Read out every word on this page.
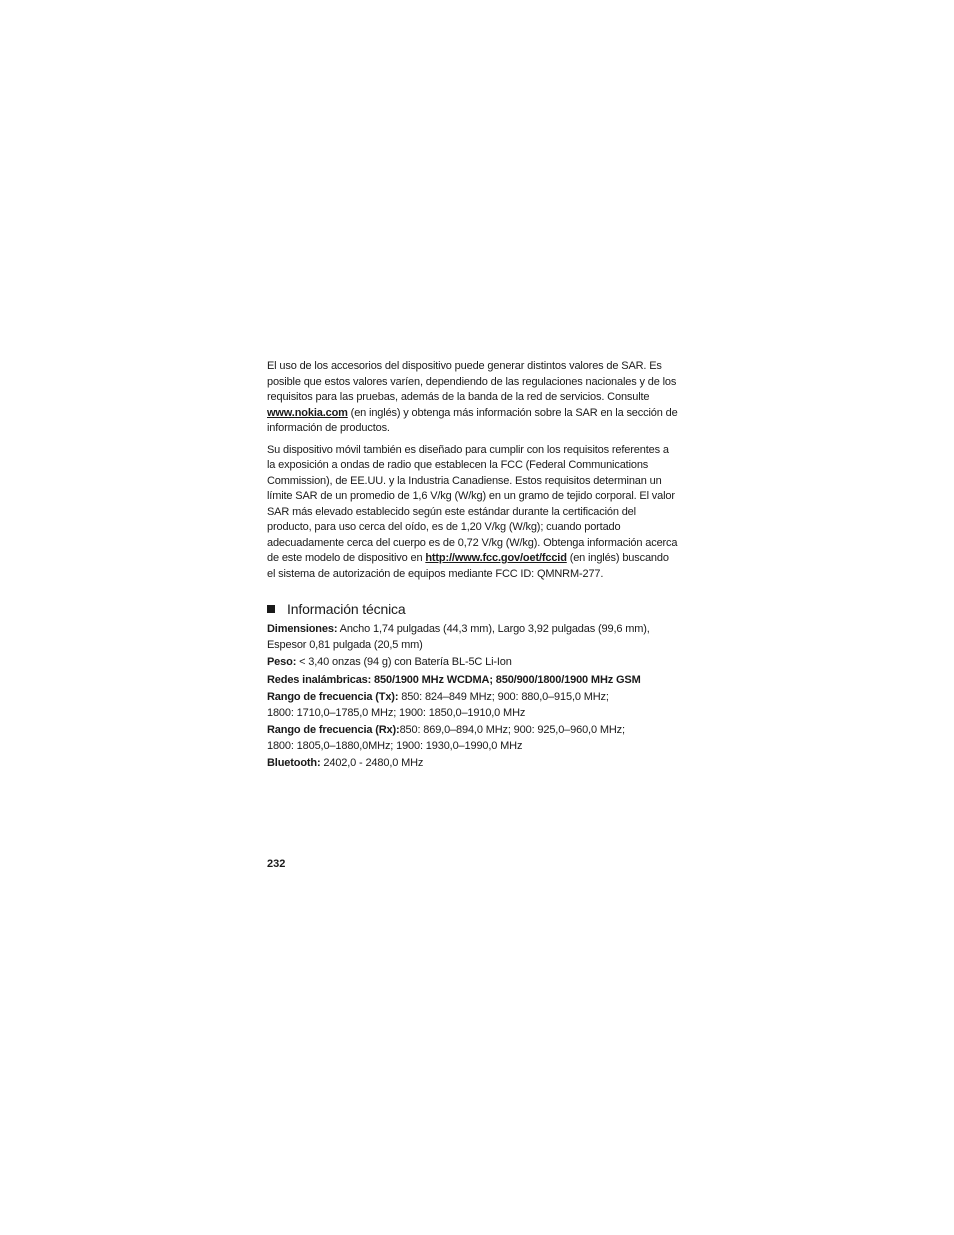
El uso de los accesorios del dispositivo puede generar distintos valores de SAR. Es posible que estos valores varíen, dependiendo de las regulaciones nacionales y de los requisitos para las pruebas, además de la banda de la red de servicios. Consulte www.nokia.com (en inglés) y obtenga más información sobre la SAR en la sección de información de productos.

Su dispositivo móvil también es diseñado para cumplir con los requisitos referentes a la exposición a ondas de radio que establecen la FCC (Federal Communications Commission), de EE.UU. y la Industria Canadiense. Estos requisitos determinan un límite SAR de un promedio de 1,6 V/kg (W/kg) en un gramo de tejido corporal. El valor SAR más elevado establecido según este estándar durante la certificación del producto, para uso cerca del oído, es de 1,20 V/kg (W/kg); cuando portado adecuadamente cerca del cuerpo es de 0,72 V/kg (W/kg). Obtenga información acerca de este modelo de dispositivo en http://www.fcc.gov/oet/fccid (en inglés) buscando el sistema de autorización de equipos mediante FCC ID: QMNRM-277.

Información técnica

Dimensiones: Ancho 1,74 pulgadas (44,3 mm), Largo 3,92 pulgadas (99,6 mm), Espesor 0,81 pulgada (20,5 mm)

Peso: < 3,40 onzas (94 g) con Batería BL-5C Li-Ion

Redes inalámbricas: 850/1900 MHz WCDMA; 850/900/1800/1900 MHz GSM

Rango de frecuencia (Tx): 850: 824–849 MHz; 900: 880,0–915,0 MHz;
1800: 1710,0–1785,0 MHz; 1900: 1850,0–1910,0 MHz

Rango de frecuencia (Rx):850: 869,0–894,0 MHz; 900: 925,0–960,0 MHz;
1800: 1805,0–1880,0MHz; 1900: 1930,0–1990,0 MHz

Bluetooth: 2402,0 - 2480,0 MHz

232
